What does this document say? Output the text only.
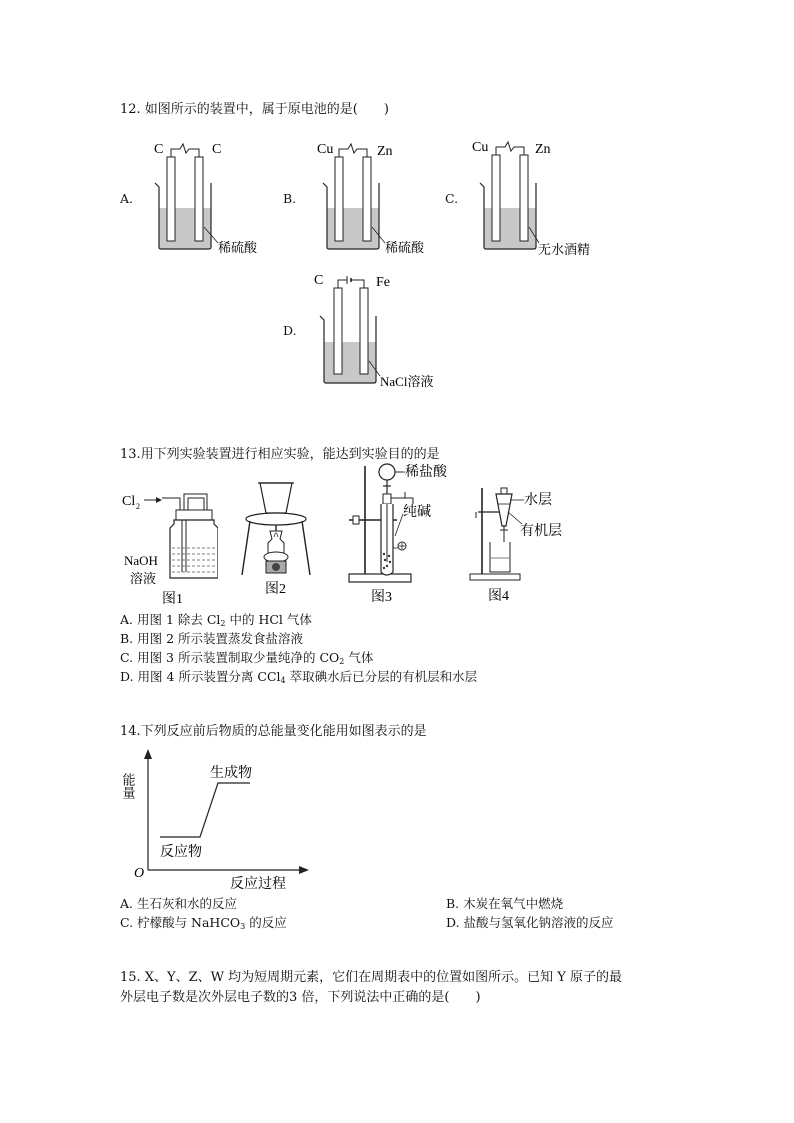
12. 如图所示的装置中，属于原电池的是(　　)
A.
C	C
稀硫酸
B.
Cu	Zn
稀硫酸
C.
Cu	Zn
无水酒精
D.
C	Fe
NaCl溶液
13.用下列实验装置进行相应实验，能达到实验目的的是
Cl 2
NaOH
溶液
图1
图2
稀盐酸
纯碱
图3
水层
有机层
图4
A. 用图 1 除去 $Cl_2$ 中的 HCl 气体
B. 用图 2 所示装置蒸发食盐溶液
C. 用图 3 所示装置制取少量纯净的 $CO_2$ 气体
D. 用图 4 所示装置分离 CCl$_4$ 萃取碘水后已分层的有机层和水层
14.下列反应前后物质的总能量变化能用如图表示的是
能量
O
反应物
生成物
反应过程
A. 生石灰和水的反应	B. 木炭在氧气中燃烧
C. 柠檬酸与 NaHCO$_3$ 的反应	D. 盐酸与氢氧化钠溶液的反应
15. X、Y、Z、W 均为短周期元素，它们在周期表中的位置如图所示。已知 Y 原子的最
外层电子数是次外层电子数的3 倍，下列说法中正确的是(　　)
